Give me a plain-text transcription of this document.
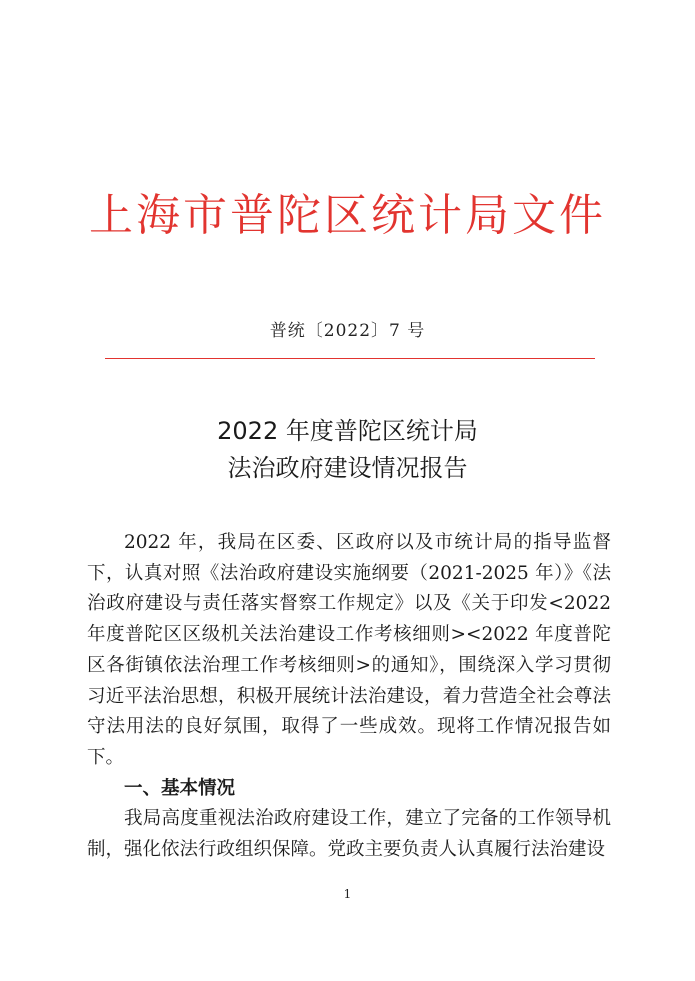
上海市普陀区统计局文件
普统〔2022〕7 号
2022 年度普陀区统计局
法治政府建设情况报告

2022 年，我局在区委、区政府以及市统计局的指导监督下，认真对照《法治政府建设实施纲要（2021-2025 年）》《法治政府建设与责任落实督察工作规定》以及《关于印发<2022 年度普陀区区级机关法治建设工作考核细则><2022 年度普陀区各街镇依法治理工作考核细则>的通知》，围绕深入学习贯彻习近平法治思想，积极开展统计法治建设，着力营造全社会尊法守法用法的良好氛围，取得了一些成效。现将工作情况报告如下。

一、基本情况

我局高度重视法治政府建设工作，建立了完备的工作领导机制，强化依法行政组织保障。党政主要负责人认真履行法治建设

1
